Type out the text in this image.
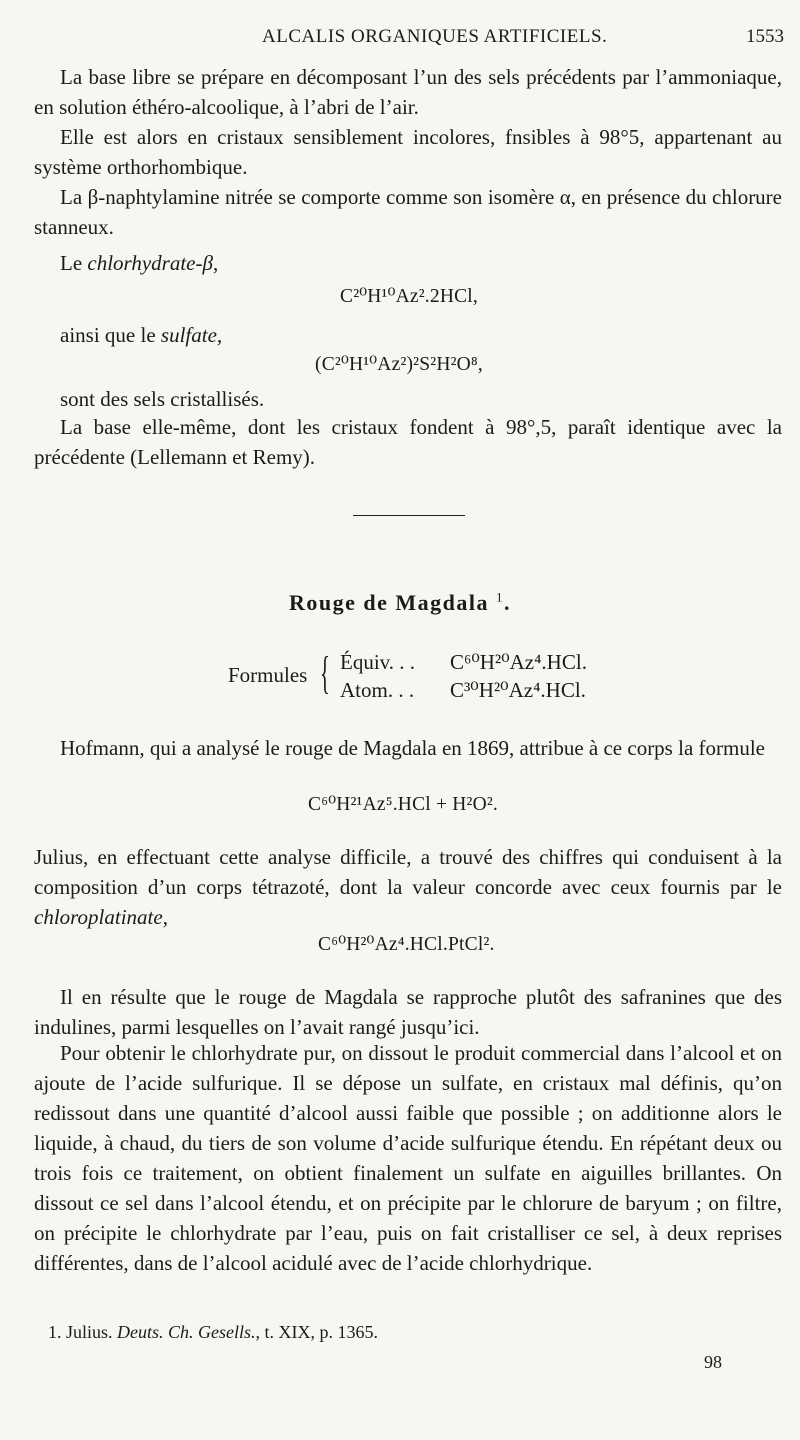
ALCALIS ORGANIQUES ARTIFICIELS.	1553

La base libre se prépare en décomposant l’un des sels précédents par l’ammoniaque, en solution éthéro-alcoolique, à l’abri de l’air.

Elle est alors en cristaux sensiblement incolores, fnsibles à 98°5, appartenant au système orthorhombique.

La β-naphtylamine nitrée se comporte comme son isomère α, en présence du chlorure stanneux.

Le chlorhydrate-β,

C²⁰H¹⁰Az².2HCl,

ainsi que le sulfate,

(C²⁰H¹⁰Az²)²S²H²O⁸,

sont des sels cristallisés.

La base elle-même, dont les cristaux fondent à 98°,5, paraît identique avec la précédente (Lellemann et Remy).

Rouge de Magdala $^1$.
Formules { Équiv. . . C⁶⁰H²⁰Az⁴.HCl.
Atom. . . C³⁰H²⁰Az⁴.HCl.

Hofmann, qui a analysé le rouge de Magdala en 1869, attribue à ce corps la formule

C⁶⁰H²¹Az⁵.HCl + H²O².

Julius, en effectuant cette analyse difficile, a trouvé des chiffres qui conduisent à la composition d’un corps tétrazoté, dont la valeur concorde avec ceux fournis par le chloroplatinate,

C⁶⁰H²⁰Az⁴.HCl.PtCl².

Il en résulte que le rouge de Magdala se rapproche plutôt des safranines que des indulines, parmi lesquelles on l’avait rangé jusqu’ici.

Pour obtenir le chlorhydrate pur, on dissout le produit commercial dans l’alcool et on ajoute de l’acide sulfurique. Il se dépose un sulfate, en cristaux mal définis, qu’on redissout dans une quantité d’alcool aussi faible que possible ; on additionne alors le liquide, à chaud, du tiers de son volume d’acide sulfurique étendu. En répétant deux ou trois fois ce traitement, on obtient finalement un sulfate en aiguilles brillantes. On dissout ce sel dans l’alcool étendu, et on précipite par le chlorure de baryum ; on filtre, on précipite le chlorhydrate par l’eau, puis on fait cristalliser ce sel, à deux reprises différentes, dans de l’alcool acidulé avec de l’acide chlorhydrique.

1. Julius. Deuts. Ch. Gesells., t. XIX, p. 1365.
98
